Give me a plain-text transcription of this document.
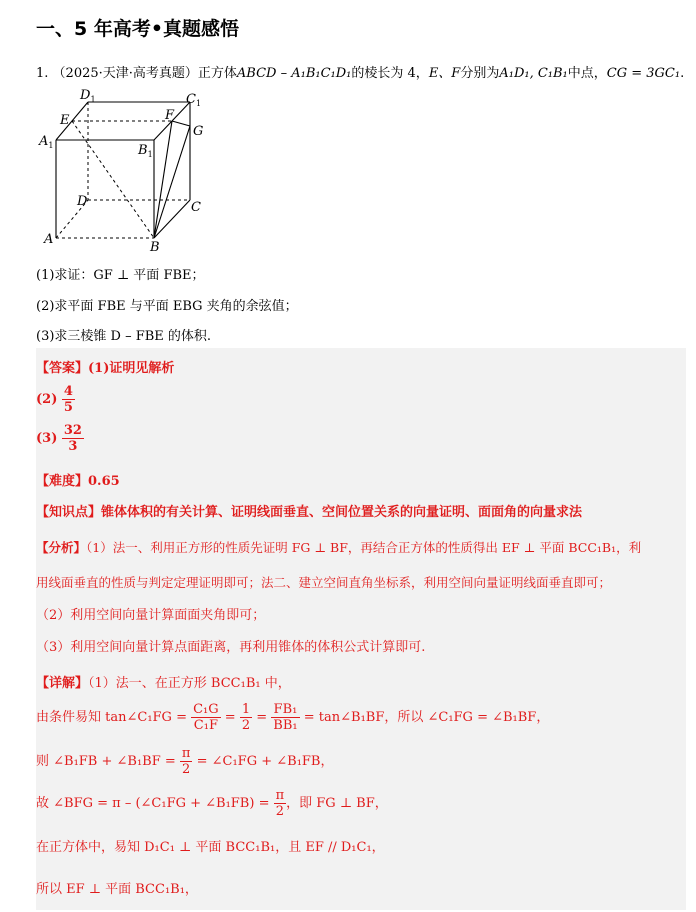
一、5 年高考•真题感悟
1. （2025·天津·高考真题）正方体ABCD – A₁B₁C₁D₁的棱长为 4，E、F分别为A₁D₁, C₁B₁中点，CG = 3GC₁.
$D_1$	$C_1$
E	F
G
$A_1$	$B_1$
D	C
A
B
(1)求证：GF ⊥ 平面 FBE；
(2)求平面 FBE 与平面 EBG 夹角的余弦值；
(3)求三棱锥 D – FBE 的体积.
【答案】(1)证明见解析
$(2) \frac{4}{5}$
$(3) \frac{32}{3}$
【难度】0.65
【知识点】锥体体积的有关计算、证明线面垂直、空间位置关系的向量证明、面面角的向量求法
【分析】（1）法一、利用正方形的性质先证明 FG ⊥ BF，再结合正方体的性质得出 EF ⊥ 平面 BCC₁B₁，利
用线面垂直的性质与判定定理证明即可；法二、建立空间直角坐标系，利用空间向量证明线面垂直即可；
（2）利用空间向量计算面面夹角即可；
（3）利用空间向量计算点面距离，再利用锥体的体积公式计算即可.
【详解】（1）法一、在正方形 BCC₁B₁ 中，
由条件易知 tan∠C₁FG = $\frac{\text{C₁G}}{\text{C₁F}} = \frac{1}{2} = \frac{\text{FB₁}}{\text{BB₁}}$ = tan∠B₁BF，所以 ∠C₁FG = ∠B₁BF，
则 ∠B₁FB + ∠B₁BF = $\frac{\pi}{2}$ = ∠C₁FG + ∠B₁FB，
故 ∠BFG = π – (∠C₁FG + ∠B₁FB) = $\frac{\pi}{2}$ ，即 FG ⊥ BF，
在正方体中，易知 D₁C₁ ⊥ 平面 BCC₁B₁，且 EF // D₁C₁，
所以 EF ⊥ 平面 BCC₁B₁，
